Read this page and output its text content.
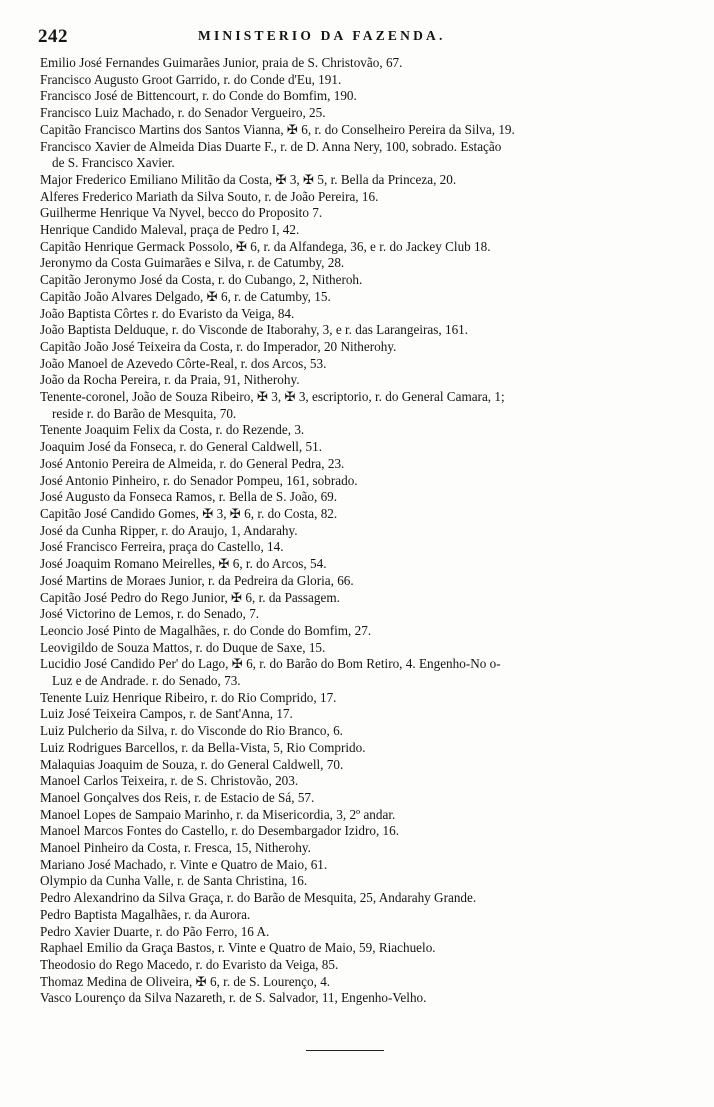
242	MINISTERIO DA FAZENDA.
Emilio José Fernandes Guimarães Junior, praia de S. Christovão, 67.
Francisco Augusto Groot Garrido, r. do Conde d'Eu, 191.
Francisco José de Bittencourt, r. do Conde do Bomfim, 190.
Francisco Luiz Machado, r. do Senador Vergueiro, 25.
Capitão Francisco Martins dos Santos Vianna, ✠ 6, r. do Conselheiro Pereira da Silva, 19.
Francisco Xavier de Almeida Dias Duarte F., r. de D. Anna Nery, 100, sobrado. Estação
de S. Francisco Xavier.
Major Frederico Emiliano Militão da Costa, ✠ 3, ✠ 5, r. Bella da Princeza, 20.
Alferes Frederico Mariath da Silva Souto, r. de João Pereira, 16.
Guilherme Henrique Va Nyvel, becco do Proposito 7.
Henrique Candido Maleval, praça de Pedro I, 42.
Capitão Henrique Germack Possolo, ✠ 6, r. da Alfandega, 36, e r. do Jackey Club 18.
Jeronymo da Costa Guimarães e Silva, r. de Catumby, 28.
Capitão Jeronymo José da Costa, r. do Cubango, 2, Nitheroh.
Capitão João Alvares Delgado, ✠ 6, r. de Catumby, 15.
João Baptista Côrtes r. do Evaristo da Veiga, 84.
João Baptista Delduque, r. do Visconde de Itaborahy, 3, e r. das Larangeiras, 161.
Capitão João José Teixeira da Costa, r. do Imperador, 20 Nitherohy.
João Manoel de Azevedo Côrte-Real, r. dos Arcos, 53.
João da Rocha Pereira, r. da Praia, 91, Nitherohy.
Tenente-coronel, João de Souza Ribeiro, ✠ 3, ✠ 3, escriptorio, r. do General Camara, 1;
reside r. do Barão de Mesquita, 70.
Tenente Joaquim Felix da Costa, r. do Rezende, 3.
Joaquim José da Fonseca, r. do General Caldwell, 51.
José Antonio Pereira de Almeida, r. do General Pedra, 23.
José Antonio Pinheiro, r. do Senador Pompeu, 161, sobrado.
José Augusto da Fonseca Ramos, r. Bella de S. João, 69.
Capitão José Candido Gomes, ✠ 3, ✠ 6, r. do Costa, 82.
José da Cunha Ripper, r. do Araujo, 1, Andarahy.
José Francisco Ferreira, praça do Castello, 14.
José Joaquim Romano Meirelles, ✠ 6, r. do Arcos, 54.
José Martins de Moraes Junior, r. da Pedreira da Gloria, 66.
Capitão José Pedro do Rego Junior, ✠ 6, r. da Passagem.
José Victorino de Lemos, r. do Senado, 7.
Leoncio José Pinto de Magalhães, r. do Conde do Bomfim, 27.
Leovigildo de Souza Mattos, r. do Duque de Saxe, 15.
Lucidio José Candido Per' do Lago, ✠ 6, r. do Barão do Bom Retiro, 4. Engenho-No o-
Luz e de Andrade. r. do Senado, 73.
Tenente Luiz Henrique Ribeiro, r. do Rio Comprido, 17.
Luiz José Teixeira Campos, r. de Sant'Anna, 17.
Luiz Pulcherio da Silva, r. do Visconde do Rio Branco, 6.
Luiz Rodrigues Barcellos, r. da Bella-Vista, 5, Rio Comprido.
Malaquias Joaquim de Souza, r. do General Caldwell, 70.
Manoel Carlos Teixeira, r. de S. Christovão, 203.
Manoel Gonçalves dos Reis, r. de Estacio de Sá, 57.
Manoel Lopes de Sampaio Marinho, r. da Misericordia, 3, 2º andar.
Manoel Marcos Fontes do Castello, r. do Desembargador Izidro, 16.
Manoel Pinheiro da Costa, r. Fresca, 15, Nitherohy.
Mariano José Machado, r. Vinte e Quatro de Maio, 61.
Olympio da Cunha Valle, r. de Santa Christina, 16.
Pedro Alexandrino da Silva Graça, r. do Barão de Mesquita, 25, Andarahy Grande.
Pedro Baptista Magalhães, r. da Aurora.
Pedro Xavier Duarte, r. do Pão Ferro, 16 A.
Raphael Emilio da Graça Bastos, r. Vinte e Quatro de Maio, 59, Riachuelo.
Theodosio do Rego Macedo, r. do Evaristo da Veiga, 85.
Thomaz Medina de Oliveira, ✠ 6, r. de S. Lourenço, 4.
Vasco Lourenço da Silva Nazareth, r. de S. Salvador, 11, Engenho-Velho.
